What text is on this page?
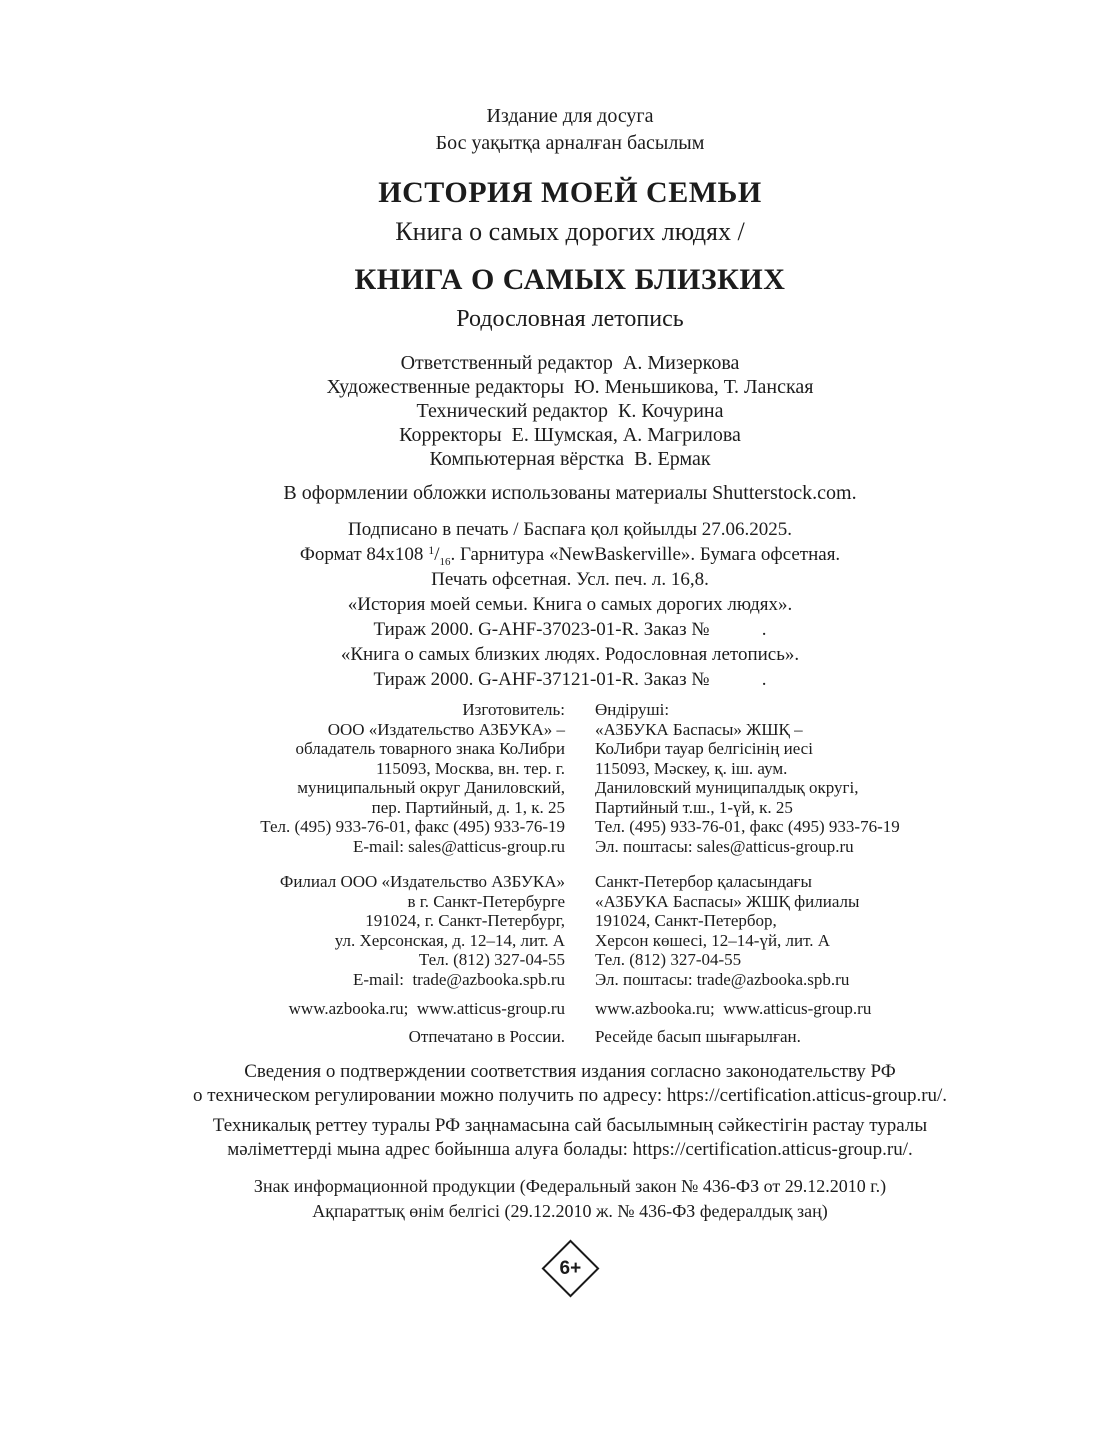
Издание для досуга
Бос уақытқа арналған басылым
ИСТОРИЯ МОЕЙ СЕМЬИ
Книга о самых дорогих людях /
КНИГА О САМЫХ БЛИЗКИХ
Родословная летопись
Ответственный редактор  А. Мизеркова
Художественные редакторы  Ю. Меньшикова, Т. Ланская
Технический редактор  К. Кочурина
Корректоры  Е. Шумская, А. Магрилова
Компьютерная вёрстка  В. Ермак
В оформлении обложки использованы материалы Shutterstock.com.
Подписано в печать / Баспаға қол қойылды 27.06.2025.
Формат 84х108 $^1/_{16}$. Гарнитура «NewBaskerville». Бумага офсетная.
Печать офсетная. Усл. печ. л. 16,8.
«История моей семьи. Книга о самых дорогих людях».
Тираж 2000. G-AHF-37023-01-R. Заказ №           .
«Книга о самых близких людях. Родословная летопись».
Тираж 2000. G-AHF-37121-01-R. Заказ №           .
Изготовитель:
ООО «Издательство АЗБУКА» –
обладатель товарного знака КоЛибри
115093, Москва, вн. тер. г.
муниципальный округ Даниловский,
пер. Партийный, д. 1, к. 25
Тел. (495) 933-76-01, факс (495) 933-76-19
E-mail: sales@atticus-group.ru
Өндіруші:
«АЗБУКА Баспасы» ЖШҚ –
КоЛибри тауар белгісінің иесі
115093, Мәскеу, қ. іш. аум.
Даниловский муниципалдық округі,
Партийный т.ш., 1-үй, к. 25
Тел. (495) 933-76-01, факс (495) 933-76-19
Эл. поштасы: sales@atticus-group.ru
Филиал ООО «Издательство АЗБУКА»
в г. Санкт-Петербурге
191024, г. Санкт-Петербург,
ул. Херсонская, д. 12–14, лит. А
Тел. (812) 327-04-55
E-mail:  trade@azbooka.spb.ru
Санкт-Петербор қаласындағы
«АЗБУКА Баспасы» ЖШҚ филиалы
191024, Санкт-Петербор,
Херсон көшесі, 12–14-үй, лит. А
Тел. (812) 327-04-55
Эл. поштасы: trade@azbooka.spb.ru
www.azbooka.ru;  www.atticus-group.ru www.azbooka.ru;  www.atticus-group.ru
Отпечатано в России. Ресейде басып шығарылған.
Сведения о подтверждении соответствия издания согласно законодательству РФ
о техническом регулировании можно получить по адресу: https://certification.atticus-group.ru/.
Техникалық реттеу туралы РФ заңнамасына сай басылымның сәйкестігін растау туралы
мәліметтерді мына адрес бойынша алуға болады: https://certification.atticus-group.ru/.
Знак информационной продукции (Федеральный закон № 436-ФЗ от 29.12.2010 г.)
Ақпараттық өнім белгісі (29.12.2010 ж. № 436-ФЗ федералдық заң)
6+
